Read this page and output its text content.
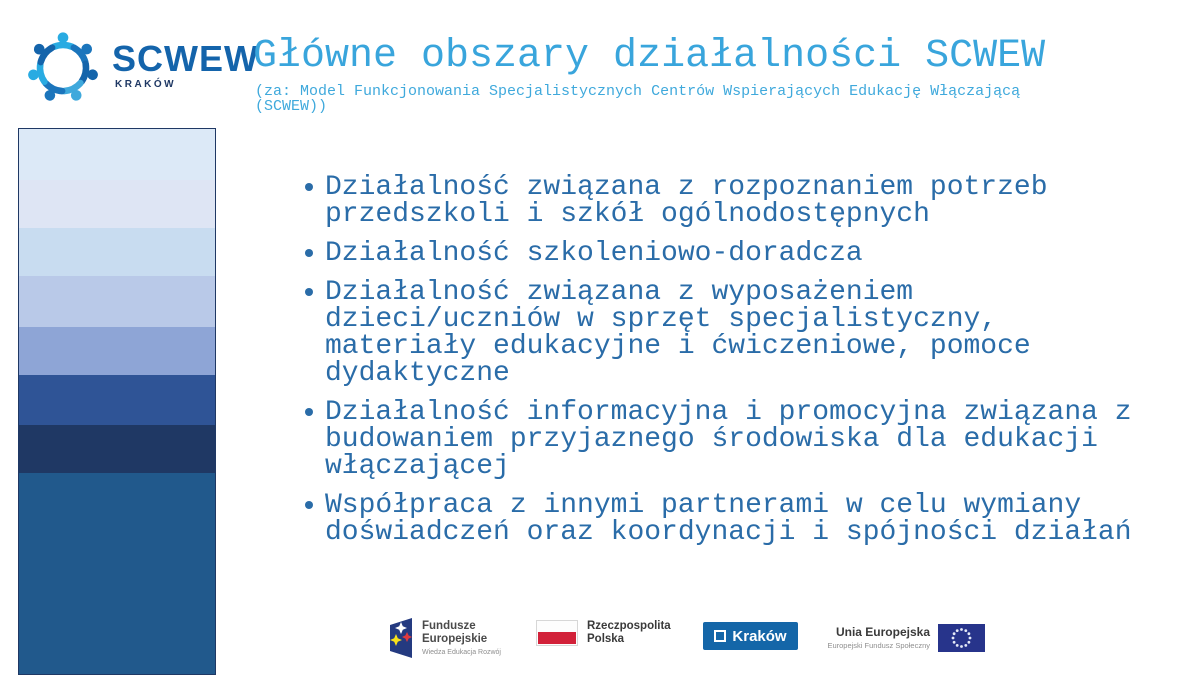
SCWEW
KRAKÓW
Główne obszary działalności SCWEW

(za: Model Funkcjonowania Specjalistycznych Centrów Wspierających Edukację Włączającą (SCWEW))

Działalność związana z rozpoznaniem potrzeb przedszkoli i szkół ogólnodostępnych
Działalność szkoleniowo-doradcza
Działalność związana z wyposażeniem dzieci/uczniów w sprzęt specjalistyczny, materiały edukacyjne i ćwiczeniowe, pomoce dydaktyczne
Działalność informacyjna i promocyjna związana z budowaniem przyjaznego środowiska dla edukacji włączającej
Współpraca z innymi partnerami w celu wymiany doświadczeń oraz koordynacji i spójności działań
Fundusze
Europejskie
Wiedza Edukacja Rozwój
Rzeczpospolita
Polska	Kraków	Unia Europejska
Europejski Fundusz Społeczny
